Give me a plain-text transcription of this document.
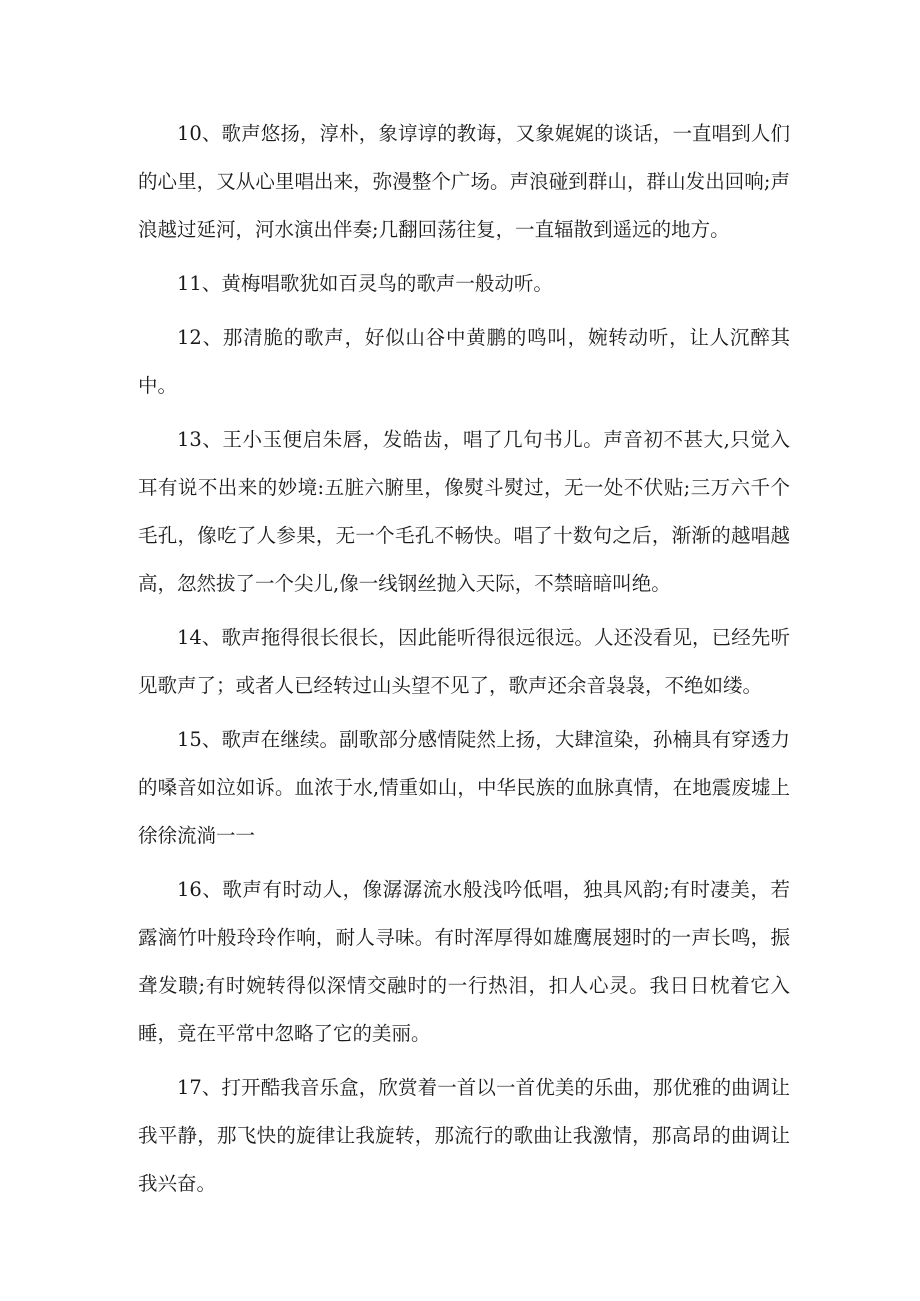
10、歌声悠扬，淳朴，象谆谆的教诲，又象娓娓的谈话，一直唱到人们的心里，又从心里唱出来，弥漫整个广场。声浪碰到群山，群山发出回响;声浪越过延河，河水演出伴奏;几翻回荡往复，一直辐散到遥远的地方。

11、黄梅唱歌犹如百灵鸟的歌声一般动听。

12、那清脆的歌声，好似山谷中黄鹏的鸣叫，婉转动听，让人沉醉其中。

13、王小玉便启朱唇，发皓齿，唱了几句书儿。声音初不甚大,只觉入耳有说不出来的妙境:五脏六腑里，像熨斗熨过，无一处不伏贴;三万六千个毛孔，像吃了人参果，无一个毛孔不畅快。唱了十数句之后，渐渐的越唱越高，忽然拔了一个尖儿,像一线钢丝抛入天际，不禁暗暗叫绝。

14、歌声拖得很长很长，因此能听得很远很远。人还没看见，已经先听见歌声了；或者人已经转过山头望不见了，歌声还余音袅袅，不绝如缕。

15、歌声在继续。副歌部分感情陡然上扬，大肆渲染，孙楠具有穿透力的嗓音如泣如诉。血浓于水,情重如山，中华民族的血脉真情，在地震废墟上徐徐流淌一一

16、歌声有时动人，像潺潺流水般浅吟低唱，独具风韵;有时凄美，若露滴竹叶般玲玲作响，耐人寻味。有时浑厚得如雄鹰展翅时的一声长鸣，振聋发聩;有时婉转得似深情交融时的一行热泪，扣人心灵。我日日枕着它入睡，竟在平常中忽略了它的美丽。

17、打开酷我音乐盒，欣赏着一首以一首优美的乐曲，那优雅的曲调让我平静，那飞快的旋律让我旋转，那流行的歌曲让我激情，那高昂的曲调让我兴奋。
